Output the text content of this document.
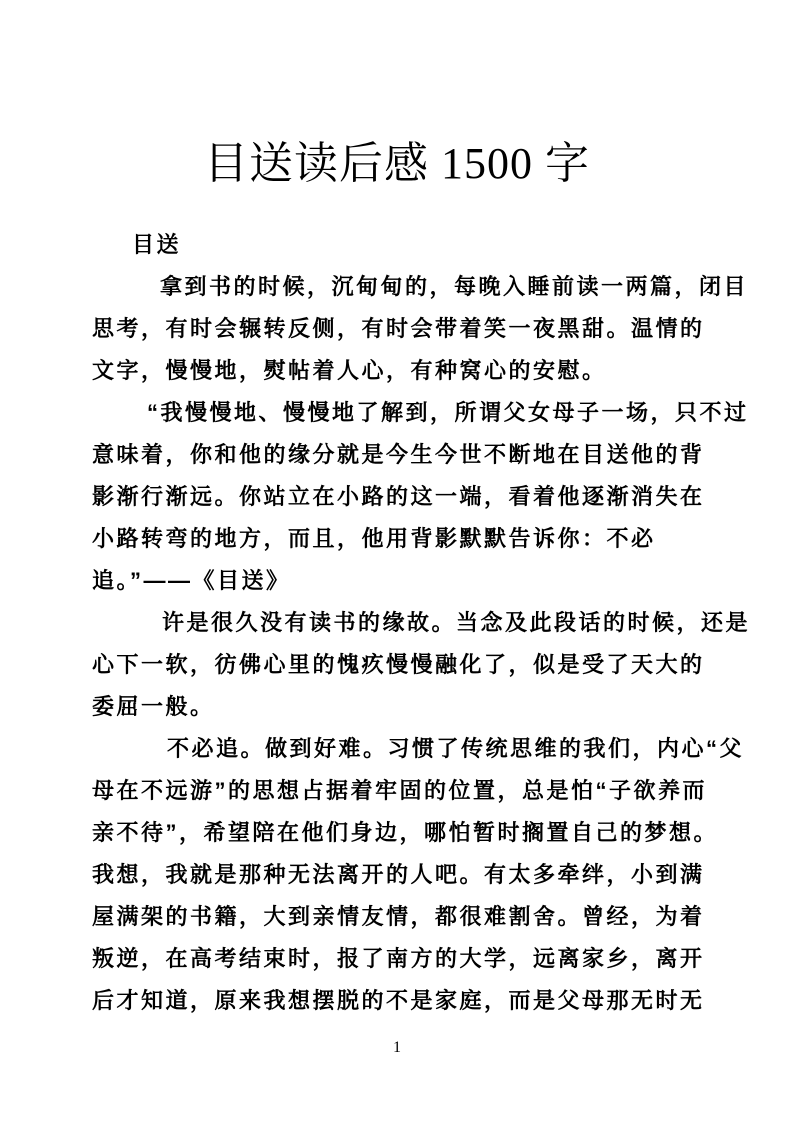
目送读后感 1500 字
目送
拿到书的时候，沉甸甸的，每晚入睡前读一两篇，闭目
思考，有时会辗转反侧，有时会带着笑一夜黑甜。温情的
文字，慢慢地，熨帖着人心，有种窝心的安慰。
“我慢慢地、慢慢地了解到，所谓父女母子一场，只不过
意味着，你和他的缘分就是今生今世不断地在目送他的背
影渐行渐远。你站立在小路的这一端，看着他逐渐消失在
小路转弯的地方，而且，他用背影默默告诉你：不必
追。”——《目送》
许是很久没有读书的缘故。当念及此段话的时候，还是
心下一软，彷佛心里的愧疚慢慢融化了，似是受了天大的
委屈一般。
不必追。做到好难。习惯了传统思维的我们，内心“父
母在不远游”的思想占据着牢固的位置，总是怕“子欲养而
亲不待”，希望陪在他们身边，哪怕暂时搁置自己的梦想。
我想，我就是那种无法离开的人吧。有太多牵绊，小到满
屋满架的书籍，大到亲情友情，都很难割舍。曾经，为着
叛逆，在高考结束时，报了南方的大学，远离家乡，离开
后才知道，原来我想摆脱的不是家庭，而是父母那无时无
1
